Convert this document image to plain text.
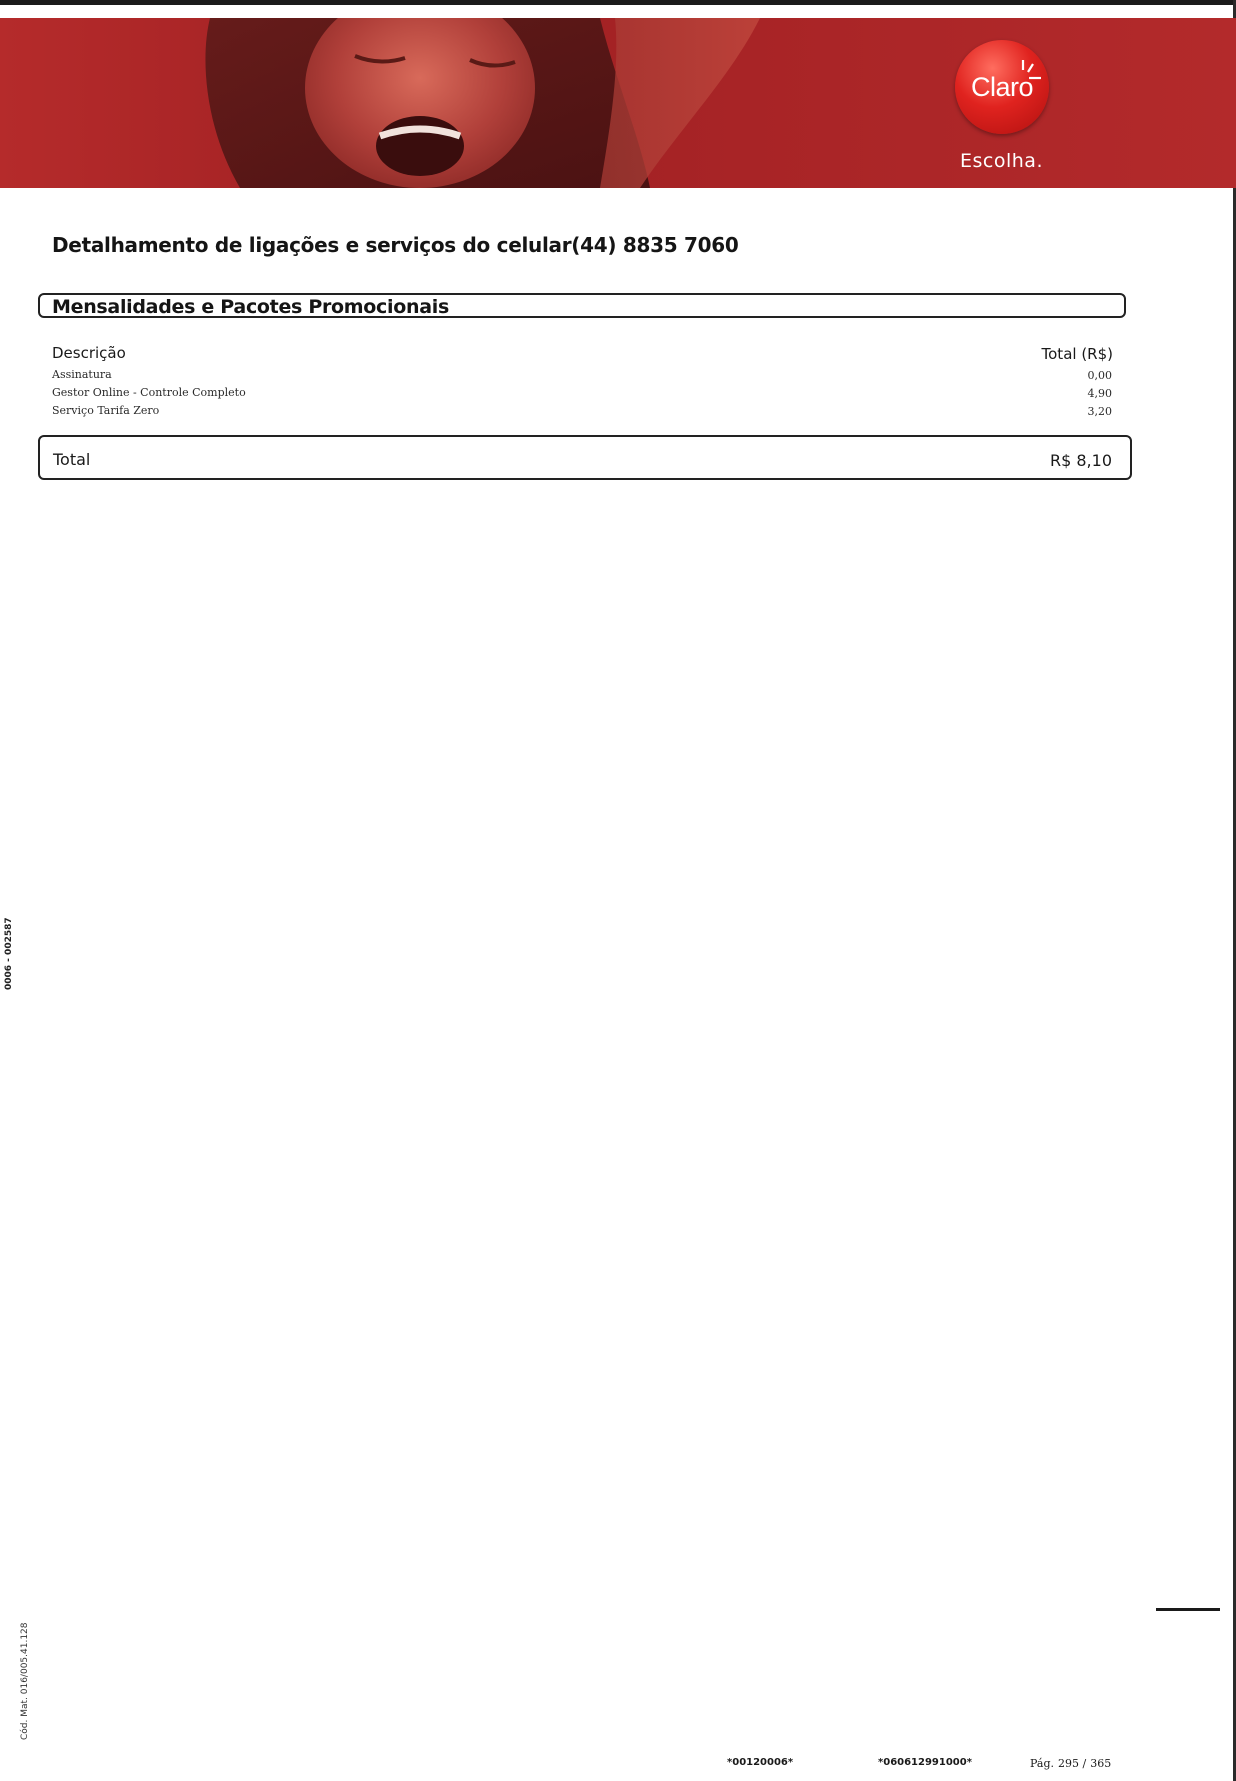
Claro
Escolha.
Detalhamento de ligações e serviços do celular(44) 8835 7060
Mensalidades e Pacotes Promocionais
Descrição	Total (R$)
Assinatura	0,00
Gestor Online - Controle Completo	4,90
Serviço Tarifa Zero	3,20
Total	R$ 8,10
0006 - 002587
Cód. Mat. 016/005.41.128
*00120006*	*060612991000*	Pág. 295 / 365
